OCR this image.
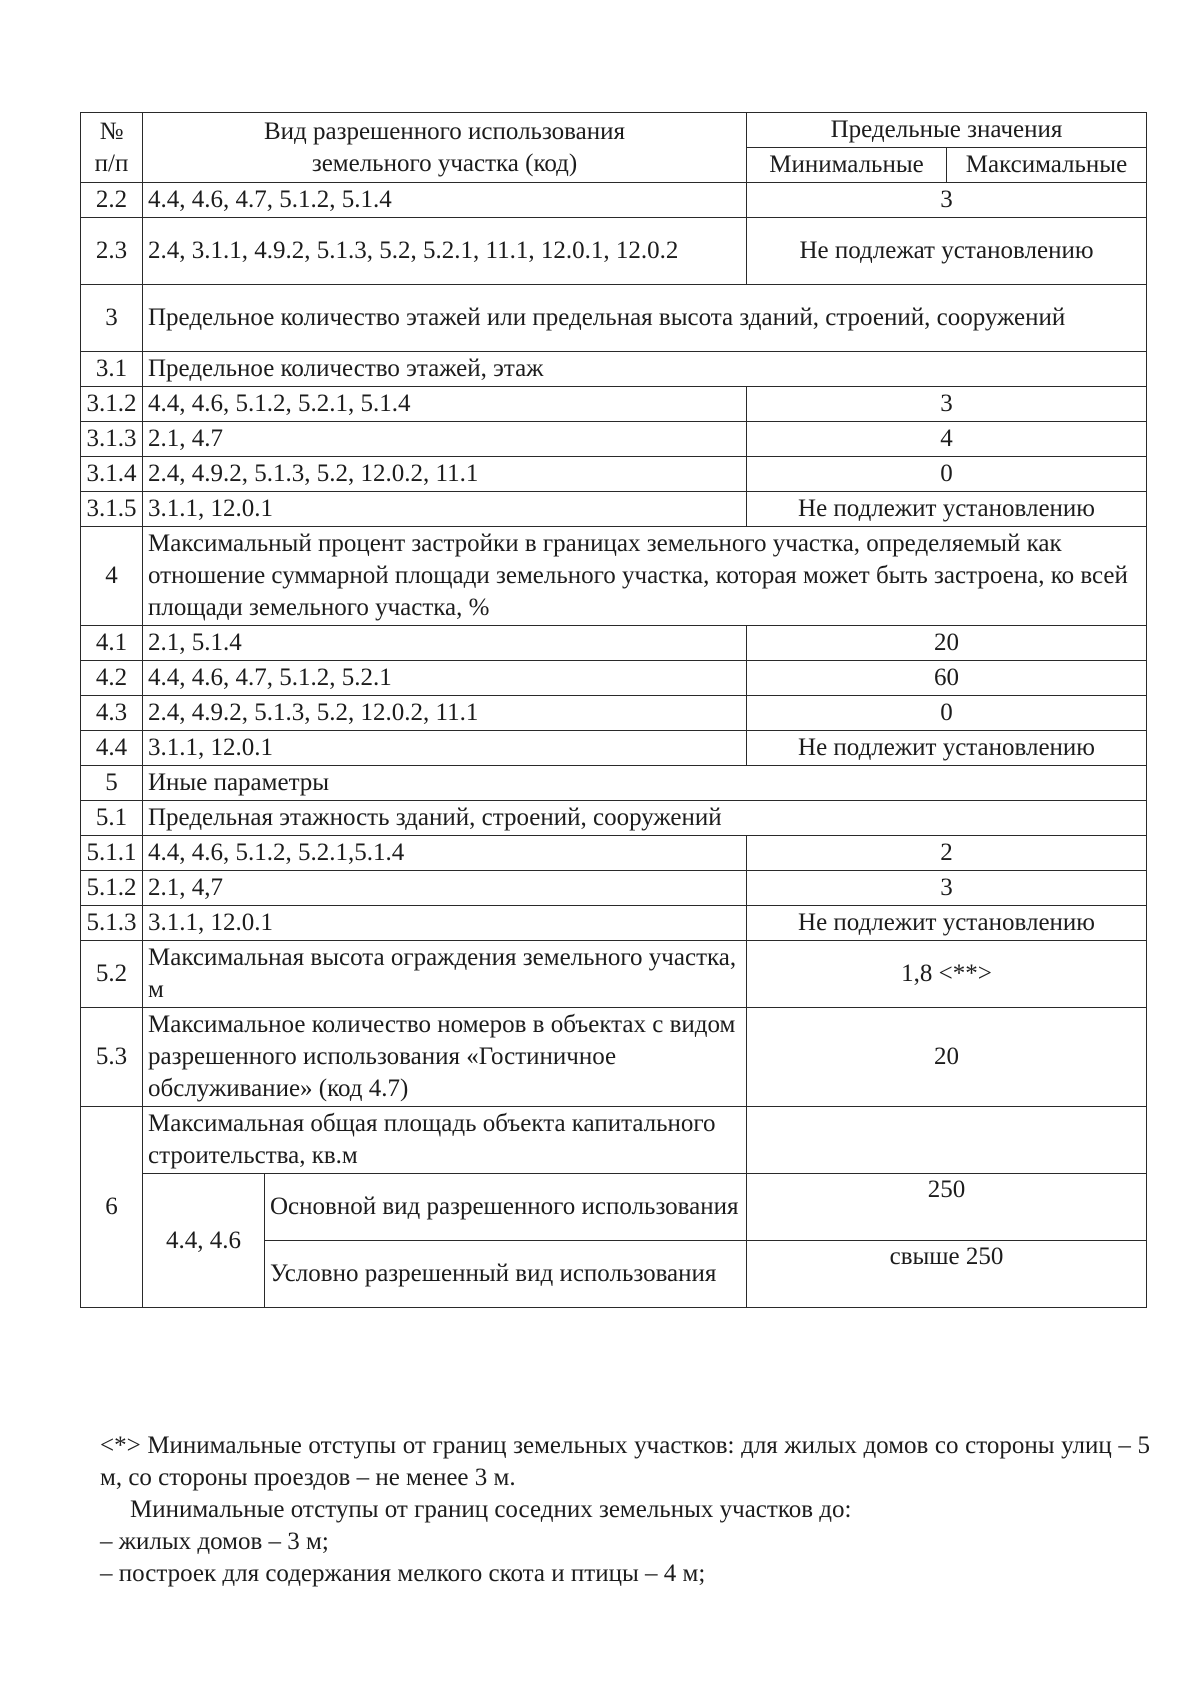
№
п/п	Вид разрешенного использования земельного участка (код)		Предельные значения	
			Минимальные	Максимальные
2.2	4.4, 4.6, 4.7, 5.1.2, 5.1.4		3	
2.3	2.4, 3.1.1, 4.9.2, 5.1.3, 5.2, 5.2.1, 11.1, 12.0.1, 12.0.2		Не подлежат установлению	
3	Предельное количество этажей или предельная высота зданий, строений, сооружений			
3.1	Предельное количество этажей, этаж			
3.1.2	4.4, 4.6, 5.1.2, 5.2.1, 5.1.4		3	
3.1.3	2.1, 4.7		4	
3.1.4	2.4, 4.9.2, 5.1.3, 5.2, 12.0.2, 11.1		0	
3.1.5	3.1.1, 12.0.1		Не подлежит установлению	
4	Максимальный процент застройки в границах земельного участка, определяемый как отношение суммарной площади земельного участка, которая может быть застроена, ко всей площади земельного участка, %			
4.1	2.1, 5.1.4		20	
4.2	4.4, 4.6, 4.7, 5.1.2, 5.2.1		60	
4.3	2.4, 4.9.2, 5.1.3, 5.2, 12.0.2, 11.1		0	
4.4	3.1.1, 12.0.1		Не подлежит установлению	
5	Иные параметры			
5.1	Предельная этажность зданий, строений, сооружений			
5.1.1	4.4, 4.6, 5.1.2, 5.2.1,5.1.4		2	
5.1.2	2.1, 4,7		3	
5.1.3	3.1.1, 12.0.1		Не подлежит установлению	
5.2	Максимальная высота ограждения земельного участка, м		1,8 <**>	
5.3	Максимальное количество номеров в объектах с видом разрешенного использования «Гостиничное обслуживание» (код 4.7)		20	
6	Максимальная общая площадь объекта капитального строительства, кв.м			
	4.4, 4.6	Основной вид разрешенного использования	250	
		Условно разрешенный вид использования	свыше 250	

<*> Минимальные отступы от границ земельных участков: для жилых домов со стороны улиц – 5 м, со стороны проездов – не менее 3 м.

Минимальные отступы от границ соседних земельных участков до:

– жилых домов – 3 м;

– построек для содержания мелкого скота и птицы – 4 м;
